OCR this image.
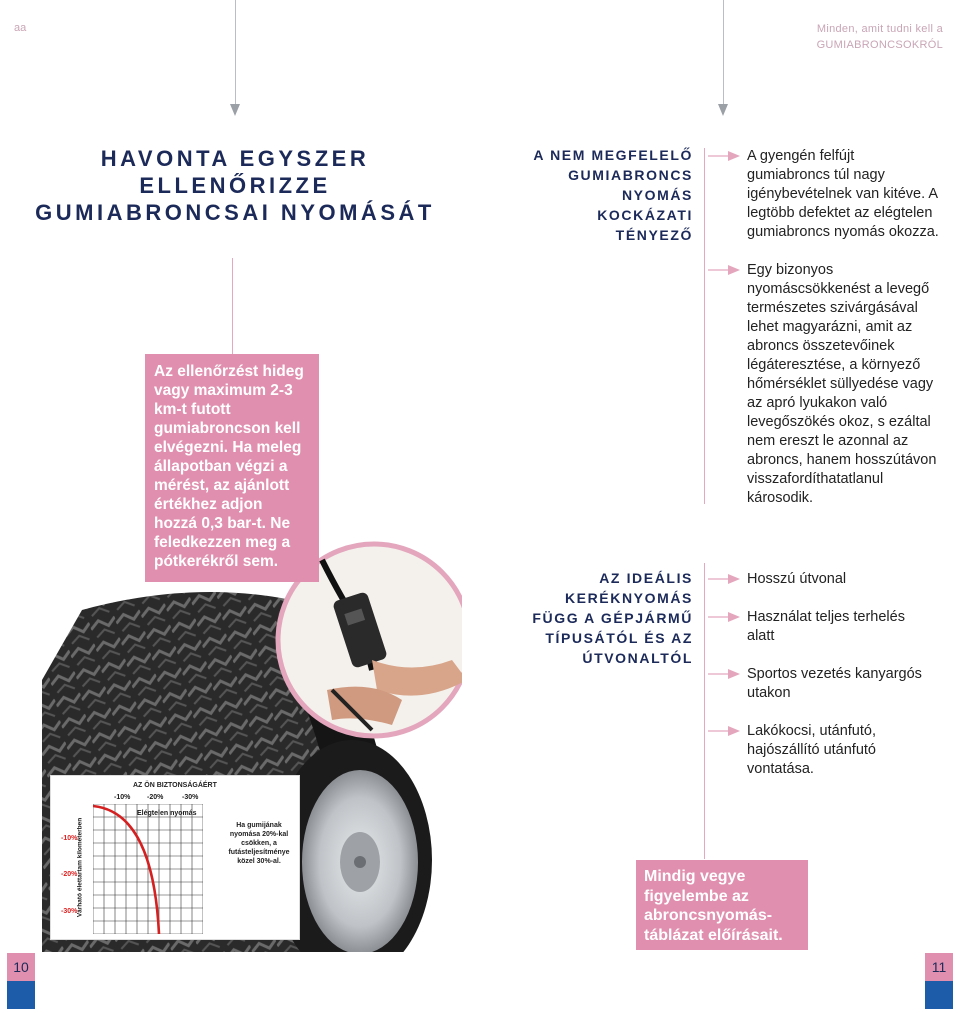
aa	Minden, amit tudni kell a
GUMIABRONCSOKRÓL
HAVONTA EGYSZER
ELLENŐRIZZE
GUMIABRONCSAI NYOMÁSÁT
Az ellenőrzést hideg
vagy maximum 2-3
km-t futott
gumiabroncson kell
elvégezni. Ha meleg
állapotban végzi a
mérést, az ajánlott
értékhez adjon
hozzá 0,3 bar-t. Ne
feledkezzen meg a
pótkerékről sem.
AZ ÖN BIZTONSÁGÁÉRT
-10% -20%	-30%
Elégtelen nyomás
-10%
-20%
-30% Várható élettartam kilométerben	Ha gumijának
nyomása 20%-kal
csökken, a
futásteljesítménye
közel 30%-al.
A NEM MEGFELELŐ
GUMIABRONCS
NYOMÁS
KOCKÁZATI
TÉNYEZŐ
A gyengén felfújt
gumiabroncs túl nagy
igénybevételnek van kitéve. A
legtöbb defektet az elégtelen
gumiabroncs nyomás okozza.
Egy bizonyos
nyomáscsökkenést a levegő
természetes szivárgásával
lehet magyarázni, amit az
abroncs összetevőinek
légáteresztése, a környező
hőmérséklet süllyedése vagy
az apró lyukakon való
levegőszökés okoz, s ezáltal
nem ereszt le azonnal az
abroncs, hanem hosszútávon
visszafordíthatatlanul
károsodik.
AZ IDEÁLIS
KERÉKNYOMÁS
FÜGG A GÉPJÁRMŰ
TÍPUSÁTÓL ÉS AZ
ÚTVONALTÓL
Hosszú útvonal
Használat teljes terhelés
alatt
Sportos vezetés kanyargós
utakon
Lakókocsi, utánfutó,
hajószállító utánfutó
vontatása.
Mindig vegye
figyelembe az
abroncsnyomás-
táblázat előírásait.
10	11
